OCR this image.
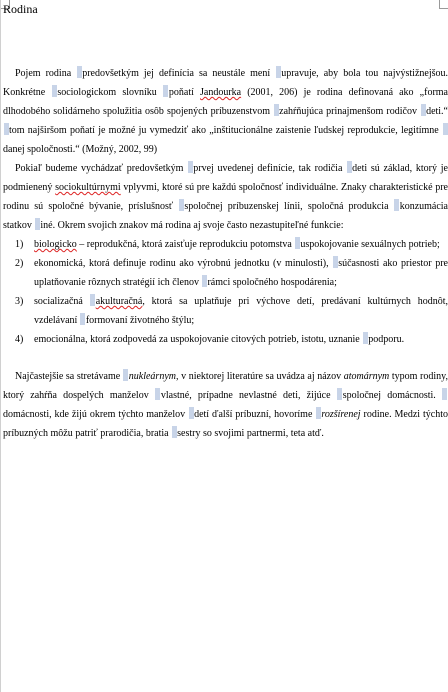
Rodina

Pojem rodina predovšetkým jej definícia sa neustále mení upravuje, aby bola tou najvýstižnejšou. Konkrétne sociologickom slovníku poňatí Jandourka (2001, 206) je rodina definovaná ako „forma dlhodobého solidárneho spolužitia osôb spojených príbuzenstvom zahŕňujúca prinajmenšom rodičov deti.“ tom najširšom poňatí je možné ju vymedziť ako „inštitucionálne zaistenie ľudskej reprodukcie, legitímne danej spoločnosti.“ (Možný, 2002, 99)

Pokiaľ budeme vychádzať predovšetkým prvej uvedenej definície, tak rodičia deti sú základ, ktorý je podmienený sociokultúrnymi vplyvmi, ktoré sú pre každú spoločnosť individuálne. Znaky charakteristické pre rodinu sú spoločné bývanie, príslušnosť spoločnej príbuzenskej línii, spoločná produkcia konzumácia statkov iné. Okrem svojich znakov má rodina aj svoje často nezastupiteľné funkcie:

1) biologicko – reprodukčná, ktorá zaisťuje reprodukciu potomstva uspokojovanie sexuálnych potrieb;
2) ekonomická, ktorá definuje rodinu ako výrobnú jednotku (v minulosti), súčasnosti ako priestor pre uplatňovanie rôznych stratégií ich členov rámci spoločného hospodárenia;
3) socializačná akulturačná, ktorá sa uplatňuje pri výchove detí, predávaní kultúrnych hodnôt, vzdelávaní formovaní životného štýlu;
4) emocionálna, ktorá zodpovedá za uspokojovanie citových potrieb, istotu, uznanie podporu.

Najčastejšie sa stretávame nukleárnym, v niektorej literatúre sa uvádza aj názov atomárnym typom rodiny, ktorý zahŕňa dospelých manželov vlastné, prípadne nevlastné deti, žijúce spoločnej domácnosti. domácnosti, kde žijú okrem týchto manželov detí ďalší príbuzní, hovoríme rozšírenej rodine. Medzi týchto príbuzných môžu patriť prarodičia, bratia sestry so svojimi partnermi, teta atď.
